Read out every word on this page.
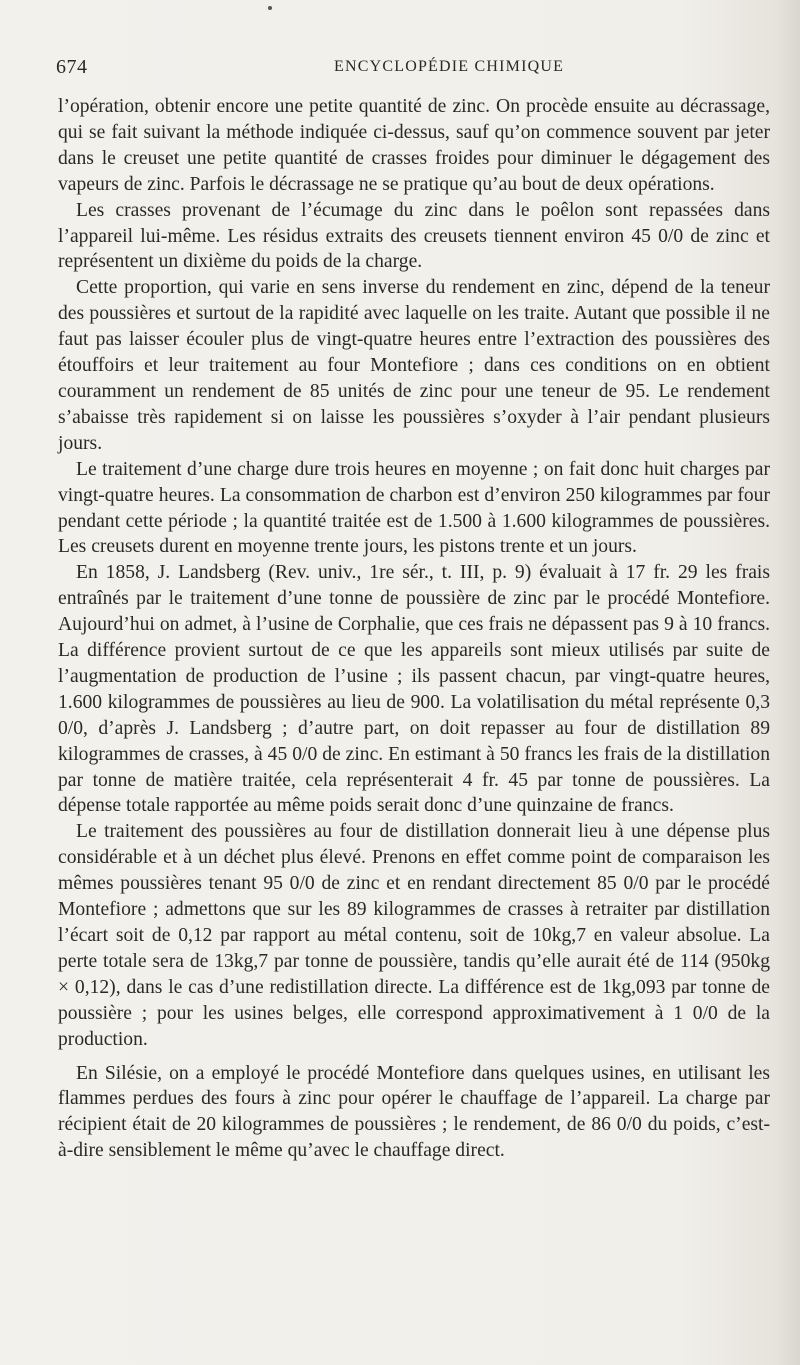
674	ENCYCLOPÉDIE CHIMIQUE

l’opération, obtenir encore une petite quantité de zinc. On procède ensuite au décrassage, qui se fait suivant la méthode indiquée ci-dessus, sauf qu’on commence souvent par jeter dans le creuset une petite quantité de crasses froides pour diminuer le dégagement des vapeurs de zinc. Parfois le décrassage ne se pratique qu’au bout de deux opérations.

Les crasses provenant de l’écumage du zinc dans le poêlon sont repassées dans l’appareil lui-même. Les résidus extraits des creusets tiennent environ 45 0/0 de zinc et représentent un dixième du poids de la charge.

Cette proportion, qui varie en sens inverse du rendement en zinc, dépend de la teneur des poussières et surtout de la rapidité avec laquelle on les traite. Autant que possible il ne faut pas laisser écouler plus de vingt-quatre heures entre l’extraction des poussières des étouffoirs et leur traitement au four Montefiore ; dans ces conditions on en obtient couramment un rendement de 85 unités de zinc pour une teneur de 95. Le rendement s’abaisse très rapidement si on laisse les poussières s’oxyder à l’air pendant plusieurs jours.

Le traitement d’une charge dure trois heures en moyenne ; on fait donc huit charges par vingt-quatre heures. La consommation de charbon est d’environ 250 kilogrammes par four pendant cette période ; la quantité traitée est de 1.500 à 1.600 kilogrammes de poussières. Les creusets durent en moyenne trente jours, les pistons trente et un jours.

En 1858, J. Landsberg (Rev. univ., 1re sér., t. III, p. 9) évaluait à 17 fr. 29 les frais entraînés par le traitement d’une tonne de poussière de zinc par le procédé Montefiore. Aujourd’hui on admet, à l’usine de Corphalie, que ces frais ne dépassent pas 9 à 10 francs. La différence provient surtout de ce que les appareils sont mieux utilisés par suite de l’augmentation de production de l’usine ; ils passent chacun, par vingt-quatre heures, 1.600 kilogrammes de poussières au lieu de 900. La volatilisation du métal représente 0,3 0/0, d’après J. Landsberg ; d’autre part, on doit repasser au four de distillation 89 kilogrammes de crasses, à 45 0/0 de zinc. En estimant à 50 francs les frais de la distillation par tonne de matière traitée, cela représenterait 4 fr. 45 par tonne de poussières. La dépense totale rapportée au même poids serait donc d’une quinzaine de francs.

Le traitement des poussières au four de distillation donnerait lieu à une dépense plus considérable et à un déchet plus élevé. Prenons en effet comme point de comparaison les mêmes poussières tenant 95 0/0 de zinc et en rendant directement 85 0/0 par le procédé Montefiore ; admettons que sur les 89 kilogrammes de crasses à retraiter par distillation l’écart soit de 0,12 par rapport au métal contenu, soit de 10kg,7 en valeur absolue. La perte totale sera de 13kg,7 par tonne de poussière, tandis qu’elle aurait été de 114 (950kg × 0,12), dans le cas d’une redistillation directe. La différence est de 1kg,093 par tonne de poussière ; pour les usines belges, elle correspond approximativement à 1 0/0 de la production.

En Silésie, on a employé le procédé Montefiore dans quelques usines, en utilisant les flammes perdues des fours à zinc pour opérer le chauffage de l’appareil. La charge par récipient était de 20 kilogrammes de poussières ; le rendement, de 86 0/0 du poids, c’est-à-dire sensiblement le même qu’avec le chauffage direct.
